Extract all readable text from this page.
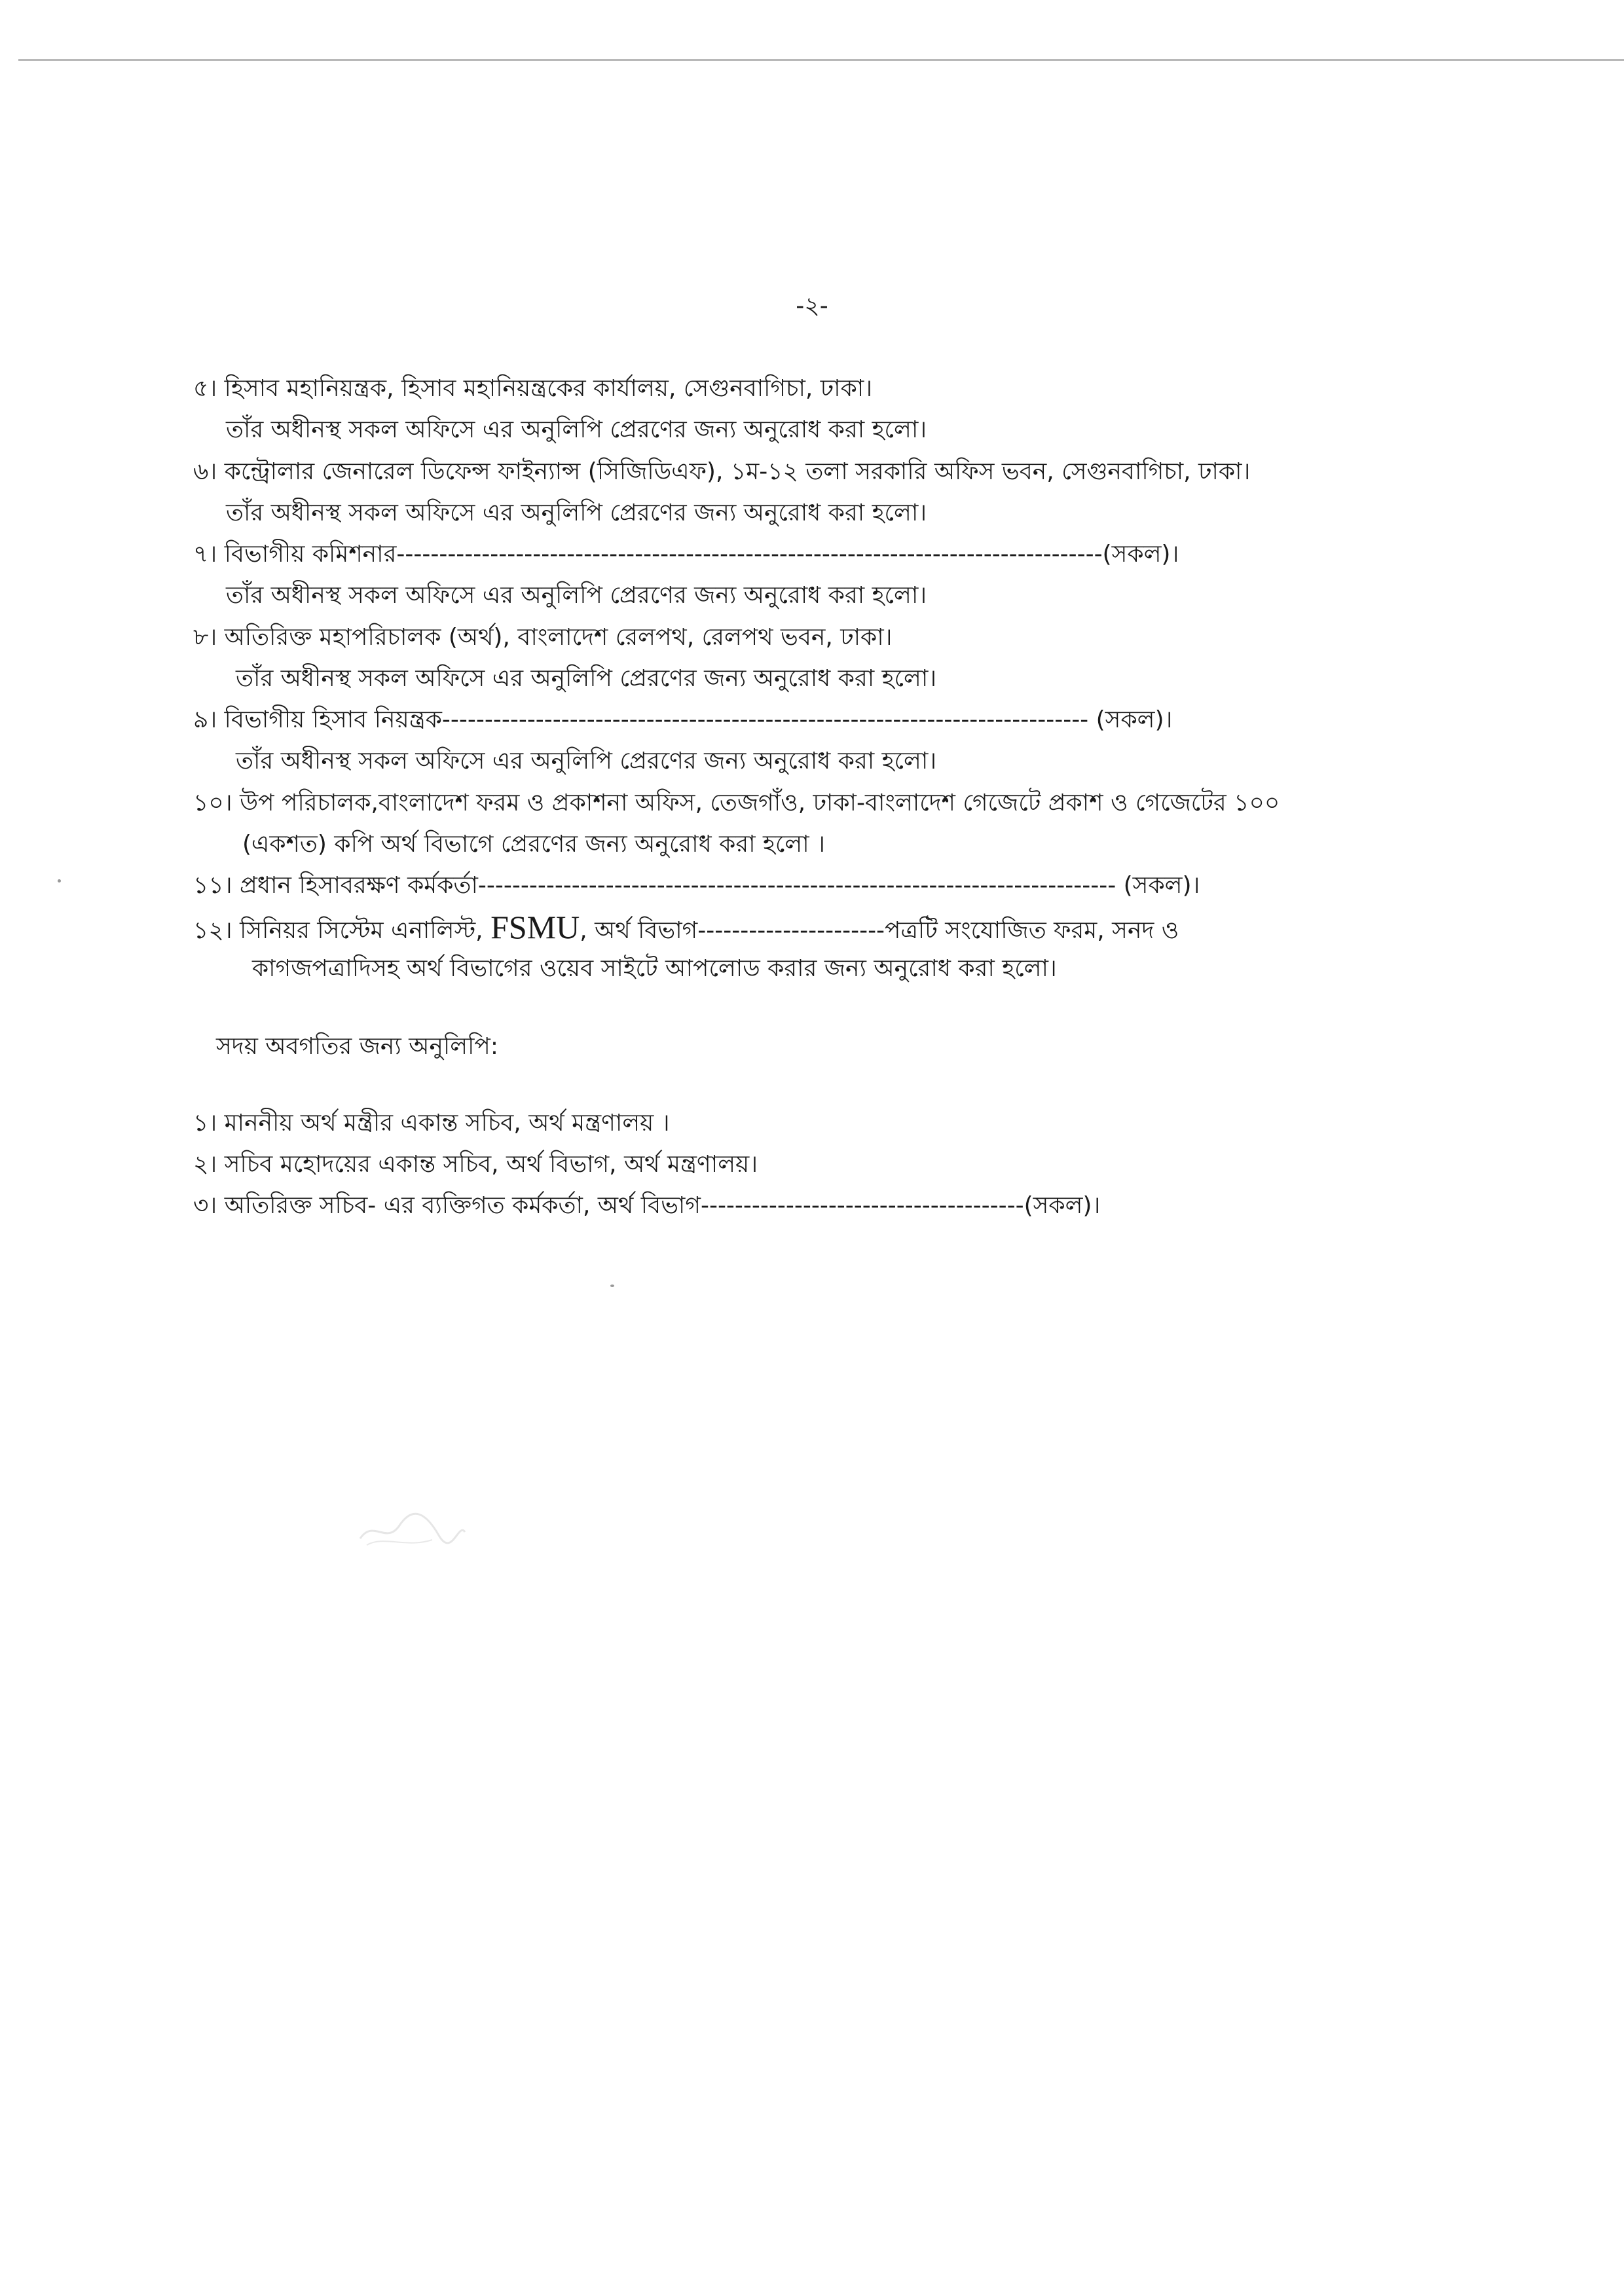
-২-
৫। হিসাব মহানিয়ন্ত্রক, হিসাব মহানিয়ন্ত্রকের কার্যালয়, সেগুনবাগিচা, ঢাকা।
তাঁর অধীনস্থ সকল অফিসে এর অনুলিপি প্রেরণের জন্য অনুরোধ করা হলো।
৬। কন্ট্রোলার জেনারেল ডিফেন্স ফাইন্যান্স (সিজিডিএফ), ১ম-১২ তলা সরকারি অফিস ভবন, সেগুনবাগিচা, ঢাকা।
তাঁর অধীনস্থ সকল অফিসে এর অনুলিপি প্রেরণের জন্য অনুরোধ করা হলো।
৭। বিভাগীয় কমিশনার-----------------------------------------------------------------------------------(সকল)।
তাঁর অধীনস্থ সকল অফিসে এর অনুলিপি প্রেরণের জন্য অনুরোধ করা হলো।
৮। অতিরিক্ত মহাপরিচালক (অর্থ), বাংলাদেশ রেলপথ, রেলপথ ভবন, ঢাকা।
তাঁর অধীনস্থ সকল অফিসে এর অনুলিপি প্রেরণের জন্য অনুরোধ করা হলো।
৯। বিভাগীয় হিসাব নিয়ন্ত্রক---------------------------------------------------------------------------- (সকল)।
তাঁর অধীনস্থ সকল অফিসে এর অনুলিপি প্রেরণের জন্য অনুরোধ করা হলো।
১০। উপ পরিচালক,বাংলাদেশ ফরম ও প্রকাশনা অফিস, তেজগাঁও, ঢাকা-বাংলাদেশ গেজেটে প্রকাশ ও গেজেটের ১০০
(একশত) কপি অর্থ বিভাগে প্রেরণের জন্য অনুরোধ করা হলো ।
১১। প্রধান হিসাবরক্ষণ কর্মকর্তা--------------------------------------------------------------------------- (সকল)।
১২। সিনিয়র সিস্টেম এনালিস্ট, FSMU, অর্থ বিভাগ----------------------পত্রটি সংযোজিত ফরম, সনদ ও
কাগজপত্রাদিসহ অর্থ বিভাগের ওয়েব সাইটে আপলোড করার জন্য অনুরোধ করা হলো।
সদয় অবগতির জন্য অনুলিপি:
১। মাননীয় অর্থ মন্ত্রীর একান্ত সচিব, অর্থ মন্ত্রণালয় ।
২। সচিব মহোদয়ের একান্ত সচিব, অর্থ বিভাগ, অর্থ মন্ত্রণালয়।
৩। অতিরিক্ত সচিব- এর ব্যক্তিগত কর্মকর্তা, অর্থ বিভাগ--------------------------------------(সকল)।
